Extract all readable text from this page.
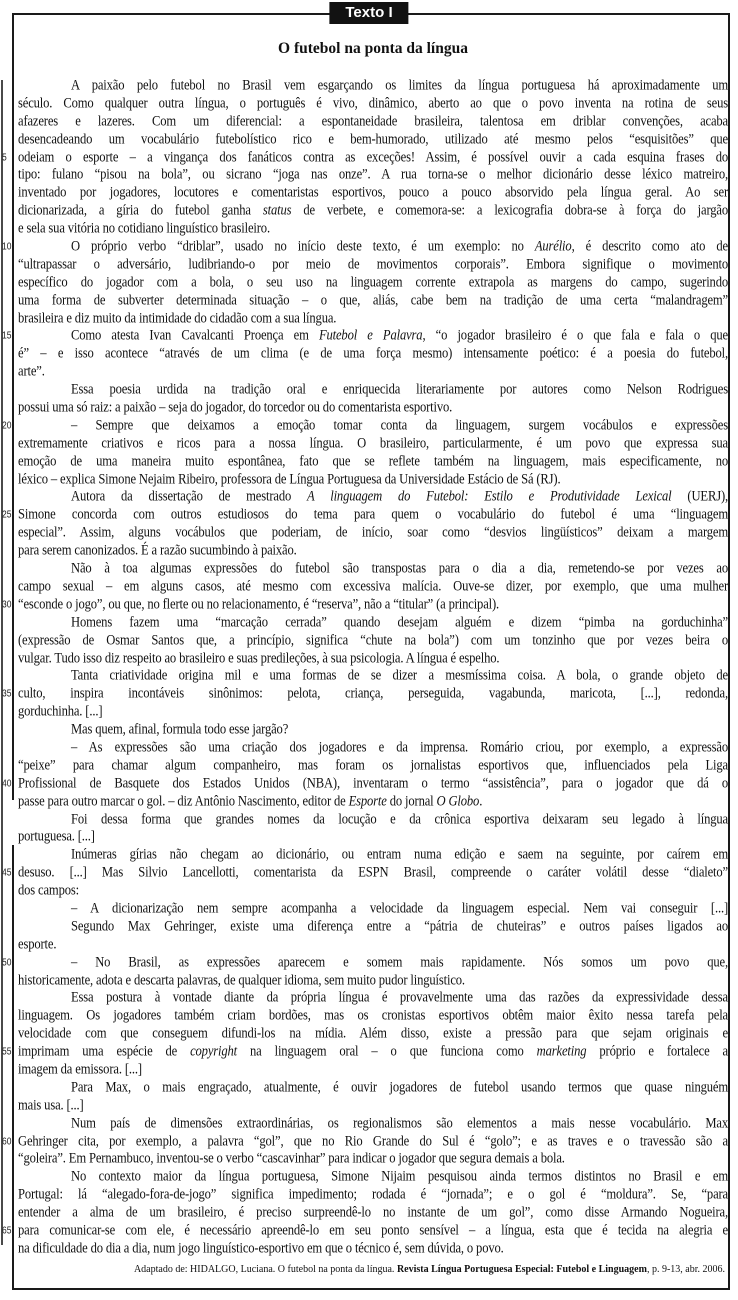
Texto I
O futebol na ponta da língua
A paixão pelo futebol no Brasil vem esgarçando os limites da língua portuguesa há aproximadamente um
século. Como qualquer outra língua, o português é vivo, dinâmico, aberto ao que o povo inventa na rotina de seus
afazeres e lazeres. Com um diferencial: a espontaneidade brasileira, talentosa em driblar convenções, acaba
desencadeando um vocabulário futebolístico rico e bem-humorado, utilizado até mesmo pelos “esquisitões” que
5 odeiam o esporte – a vingança dos fanáticos contra as exceções! Assim, é possível ouvir a cada esquina frases do
tipo: fulano “pisou na bola”, ou sicrano “joga nas onze”. A rua torna-se o melhor dicionário desse léxico matreiro,
inventado por jogadores, locutores e comentaristas esportivos, pouco a pouco absorvido pela língua geral. Ao ser
dicionarizada, a gíria do futebol ganha status de verbete, e comemora-se: a lexicografia dobra-se à força do jargão
e sela sua vitória no cotidiano linguístico brasileiro.
10	O próprio verbo “driblar”, usado no início deste texto, é um exemplo: no Aurélio, é descrito como ato de
“ultrapassar o adversário, ludibriando-o por meio de movimentos corporais”. Embora signifique o movimento
específico do jogador com a bola, o seu uso na linguagem corrente extrapola as margens do campo, sugerindo
uma forma de subverter determinada situação – o que, aliás, cabe bem na tradição de uma certa “malandragem”
brasileira e diz muito da intimidade do cidadão com a sua língua.
15	Como atesta Ivan Cavalcanti Proença em Futebol e Palavra, “o jogador brasileiro é o que fala e fala o que
é” – e isso acontece “através de um clima (e de uma força mesmo) intensamente poético: é a poesia do futebol,
arte”.
Essa poesia urdida na tradição oral e enriquecida literariamente por autores como Nelson Rodrigues
possui uma só raiz: a paixão – seja do jogador, do torcedor ou do comentarista esportivo.
20	– Sempre que deixamos a emoção tomar conta da linguagem, surgem vocábulos e expressões
extremamente criativos e ricos para a nossa língua. O brasileiro, particularmente, é um povo que expressa sua
emoção de uma maneira muito espontânea, fato que se reflete também na linguagem, mais especificamente, no
léxico – explica Simone Nejaim Ribeiro, professora de Língua Portuguesa da Universidade Estácio de Sá (RJ).
Autora da dissertação de mestrado A linguagem do Futebol: Estilo e Produtividade Lexical (UERJ),
25 Simone concorda com outros estudiosos do tema para quem o vocabulário do futebol é uma “linguagem
especial”. Assim, alguns vocábulos que poderiam, de início, soar como “desvios lingüísticos” deixam a margem
para serem canonizados. É a razão sucumbindo à paixão.
Não à toa algumas expressões do futebol são transpostas para o dia a dia, remetendo-se por vezes ao
campo sexual – em alguns casos, até mesmo com excessiva malícia. Ouve-se dizer, por exemplo, que uma mulher
30 “esconde o jogo”, ou que, no flerte ou no relacionamento, é “reserva”, não a “titular” (a principal).
Homens fazem uma “marcação cerrada” quando desejam alguém e dizem “pimba na gorduchinha”
(expressão de Osmar Santos que, a princípio, significa “chute na bola”) com um tonzinho que por vezes beira o
vulgar. Tudo isso diz respeito ao brasileiro e suas predileções, à sua psicologia. A língua é espelho.
Tanta criatividade origina mil e uma formas de se dizer a mesmíssima coisa. A bola, o grande objeto de
35 culto, inspira incontáveis sinônimos: pelota, criança, perseguida, vagabunda, maricota, [...], redonda,
gorduchinha. [...]
Mas quem, afinal, formula todo esse jargão?
– As expressões são uma criação dos jogadores e da imprensa. Romário criou, por exemplo, a expressão
“peixe” para chamar algum companheiro, mas foram os jornalistas esportivos que, influenciados pela Liga
40 Profissional de Basquete dos Estados Unidos (NBA), inventaram o termo “assistência”, para o jogador que dá o
passe para outro marcar o gol. – diz Antônio Nascimento, editor de Esporte do jornal O Globo.
Foi dessa forma que grandes nomes da locução e da crônica esportiva deixaram seu legado à língua
portuguesa. [...]
Inúmeras gírias não chegam ao dicionário, ou entram numa edição e saem na seguinte, por caírem em
45 desuso. [...] Mas Silvio Lancellotti, comentarista da ESPN Brasil, compreende o caráter volátil desse “dialeto”
dos campos:
– A dicionarização nem sempre acompanha a velocidade da linguagem especial. Nem vai conseguir [...]
Segundo Max Gehringer, existe uma diferença entre a “pátria de chuteiras” e outros países ligados ao
esporte.
50	– No Brasil, as expressões aparecem e somem mais rapidamente. Nós somos um povo que,
historicamente, adota e descarta palavras, de qualquer idioma, sem muito pudor linguístico.
Essa postura à vontade diante da própria língua é provavelmente uma das razões da expressividade dessa
linguagem. Os jogadores também criam bordões, mas os cronistas esportivos obtêm maior êxito nessa tarefa pela
velocidade com que conseguem difundi-los na mídia. Além disso, existe a pressão para que sejam originais e
55 imprimam uma espécie de copyright na linguagem oral – o que funciona como marketing próprio e fortalece a
imagem da emissora. [...]
Para Max, o mais engraçado, atualmente, é ouvir jogadores de futebol usando termos que quase ninguém
mais usa. [...]
Num país de dimensões extraordinárias, os regionalismos são elementos a mais nesse vocabulário. Max
60 Gehringer cita, por exemplo, a palavra “gol”, que no Rio Grande do Sul é “golo”; e as traves e o travessão são a
“goleira”. Em Pernambuco, inventou-se o verbo “cascavinhar” para indicar o jogador que segura demais a bola.
No contexto maior da língua portuguesa, Simone Nijaim pesquisou ainda termos distintos no Brasil e em
Portugal: lá “alegado-fora-de-jogo” significa impedimento; rodada é “jornada”; e o gol é “moldura”. Se, “para
entender a alma de um brasileiro, é preciso surpreendê-lo no instante de um gol”, como disse Armando Nogueira,
65 para comunicar-se com ele, é necessário apreendê-lo em seu ponto sensível – a língua, esta que é tecida na alegria e
na dificuldade do dia a dia, num jogo linguístico-esportivo em que o técnico é, sem dúvida, o povo.
Adaptado de: HIDALGO, Luciana. O futebol na ponta da língua. Revista Língua Portuguesa Especial: Futebol e Linguagem, p. 9-13, abr. 2006.
